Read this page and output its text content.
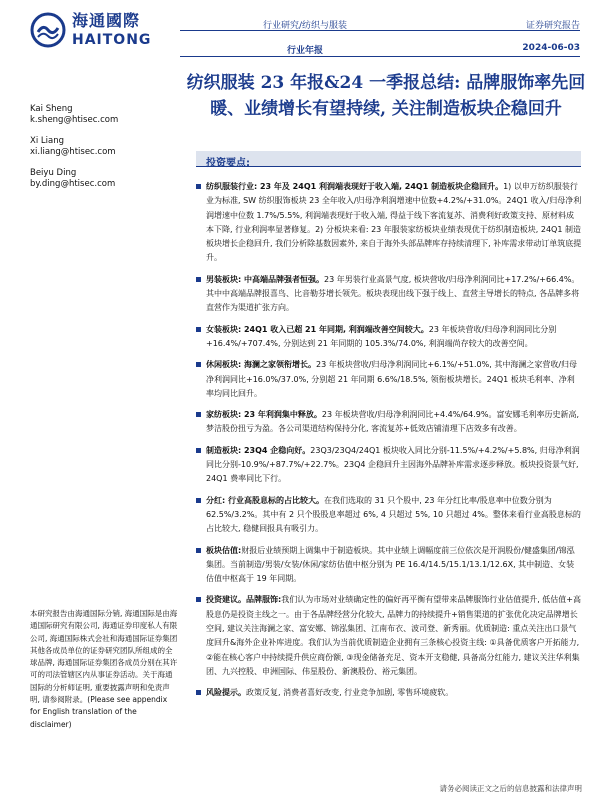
海通國際
HAITONG
行业研究/纺织与服装
行业年报
证券研究报告
2024-06-03
纺织服装 23 年报&24 一季报总结: 品牌服饰率先回暖、业绩增长有望持续, 关注制造板块企稳回升
Kai Sheng
k.sheng@htisec.com
Xi Liang
xi.liang@htisec.com
Beiyu Ding
by.ding@htisec.com
投资要点:
纺织服装行业: 23 年及 24Q1 利润端表现好于收入端, 24Q1 制造板块企稳回升。1) 以申万纺织服装行业为标准, SW 纺织服饰板块 23 全年收入/归母净利润增速中位数+4.2%/+31.0%。24Q1 收入/归母净利润增速中位数 1.7%/5.5%, 利润端表现好于收入端, 得益于线下客流复苏、消费利好政策支持、原材料成本下降, 行业利润率显著修复。2) 分板块来看: 23 年服装家纺板块业绩表现优于纺织制造板块, 24Q1 制造板块增长企稳回升, 我们分析除基数因素外, 来自于海外头部品牌库存持续清理下, 补库需求带动订单筑底提升。
男装板块: 中高端品牌强者恒强。23 年男装行业高景气度, 板块营收/归母净利润同比+17.2%/+66.4%。其中中高端品牌报喜鸟、比音勒芬增长领先。板块表现出线下强于线上、直营主导增长的特点, 各品牌多将直营作为渠道扩张方向。
女装板块: 24Q1 收入已超 21 年同期, 利润端改善空间较大。23 年板块营收/归母净利润同比分别+16.4%/+707.4%, 分别达到 21 年同期的 105.3%/74.0%, 利润端尚存较大的改善空间。
休闲板块: 海澜之家领衔增长。23 年板块营收/归母净利润同比+6.1%/+51.0%, 其中海澜之家营收/归母净利润同比+16.0%/37.0%, 分别超 21 年同期 6.6%/18.5%, 领衔板块增长。24Q1 板块毛利率、净利率均同比回升。
家纺板块: 23 年利润集中释放。23 年板块营收/归母净利润同比+4.4%/64.9%。富安娜毛利率历史新高, 梦洁股份扭亏为盈。各公司渠道结构保持分化, 客流复苏+低效店铺清理下店效多有改善。
制造板块: 23Q4 企稳向好。23Q3/23Q4/24Q1 板块收入同比分别-11.5%/+4.2%/+5.8%, 归母净利润同比分别-10.9%/+87.7%/+22.7%。23Q4 企稳回升主因海外品牌补库需求逐步释放。板块投资景气好, 24Q1 费率同比下行。
分红: 行业高股息标的占比较大。在我们选取的 31 只个股中, 23 年分红比率/股息率中位数分别为 62.5%/3.2%。其中有 2 只个股股息率超过 6%, 4 只超过 5%, 10 只超过 4%。整体来看行业高股息标的占比较大, 稳健回报具有吸引力。
板块估值:财报后业绩预期上调集中于制造板块。其中业绩上调幅度前三位依次是开润股份/健盛集团/锦泓集团。当前制造/男装/女装/休闲/家纺估值中枢分别为 PE 16.4/14.5/15.1/13.1/12.6X, 其中制造、女装估值中枢高于 19 年同期。
投资建议。品牌服饰:我们认为市场对业绩确定性的偏好再平衡有望带来品牌服饰行业估值提升, 低估值+高股息仍是投资主线之一。由于各品牌经营分化较大, 品牌力的持续提升+销售渠道的扩张优化决定品牌增长空间, 建议关注海澜之家、富安娜、锦泓集团、江南布衣、波司登、新秀丽。优质制造: 重点关注出口景气度回升&海外企业补库进度。我们认为当前优质制造企业拥有三条核心投资主线: ①具备优质客户开拓能力, ②能在核心客户中持续提升供应商份额, ③现金储备充足、资本开支稳健, 具备高分红能力, 建议关注华利集团、九兴控股、申洲国际、伟星股份、新澳股份、裕元集团。
风险提示。政策反复, 消费者喜好改变, 行业竞争加剧, 零售环境疲软。
本研究报告由海通国际分销, 海通国际是由海通国际研究有限公司, 海通证券印度私人有限公司, 海通国际株式会社和海通国际证券集团其他各成员单位的证券研究团队所组成的全球品牌, 海通国际证券集团各成员分别在其许可的司法管辖区内从事证券活动。关于海通国际的分析师证明, 重要披露声明和免责声明, 请参阅附录。(Please see appendix for English translation of the disclaimer)
请务必阅读正文之后的信息披露和法律声明
